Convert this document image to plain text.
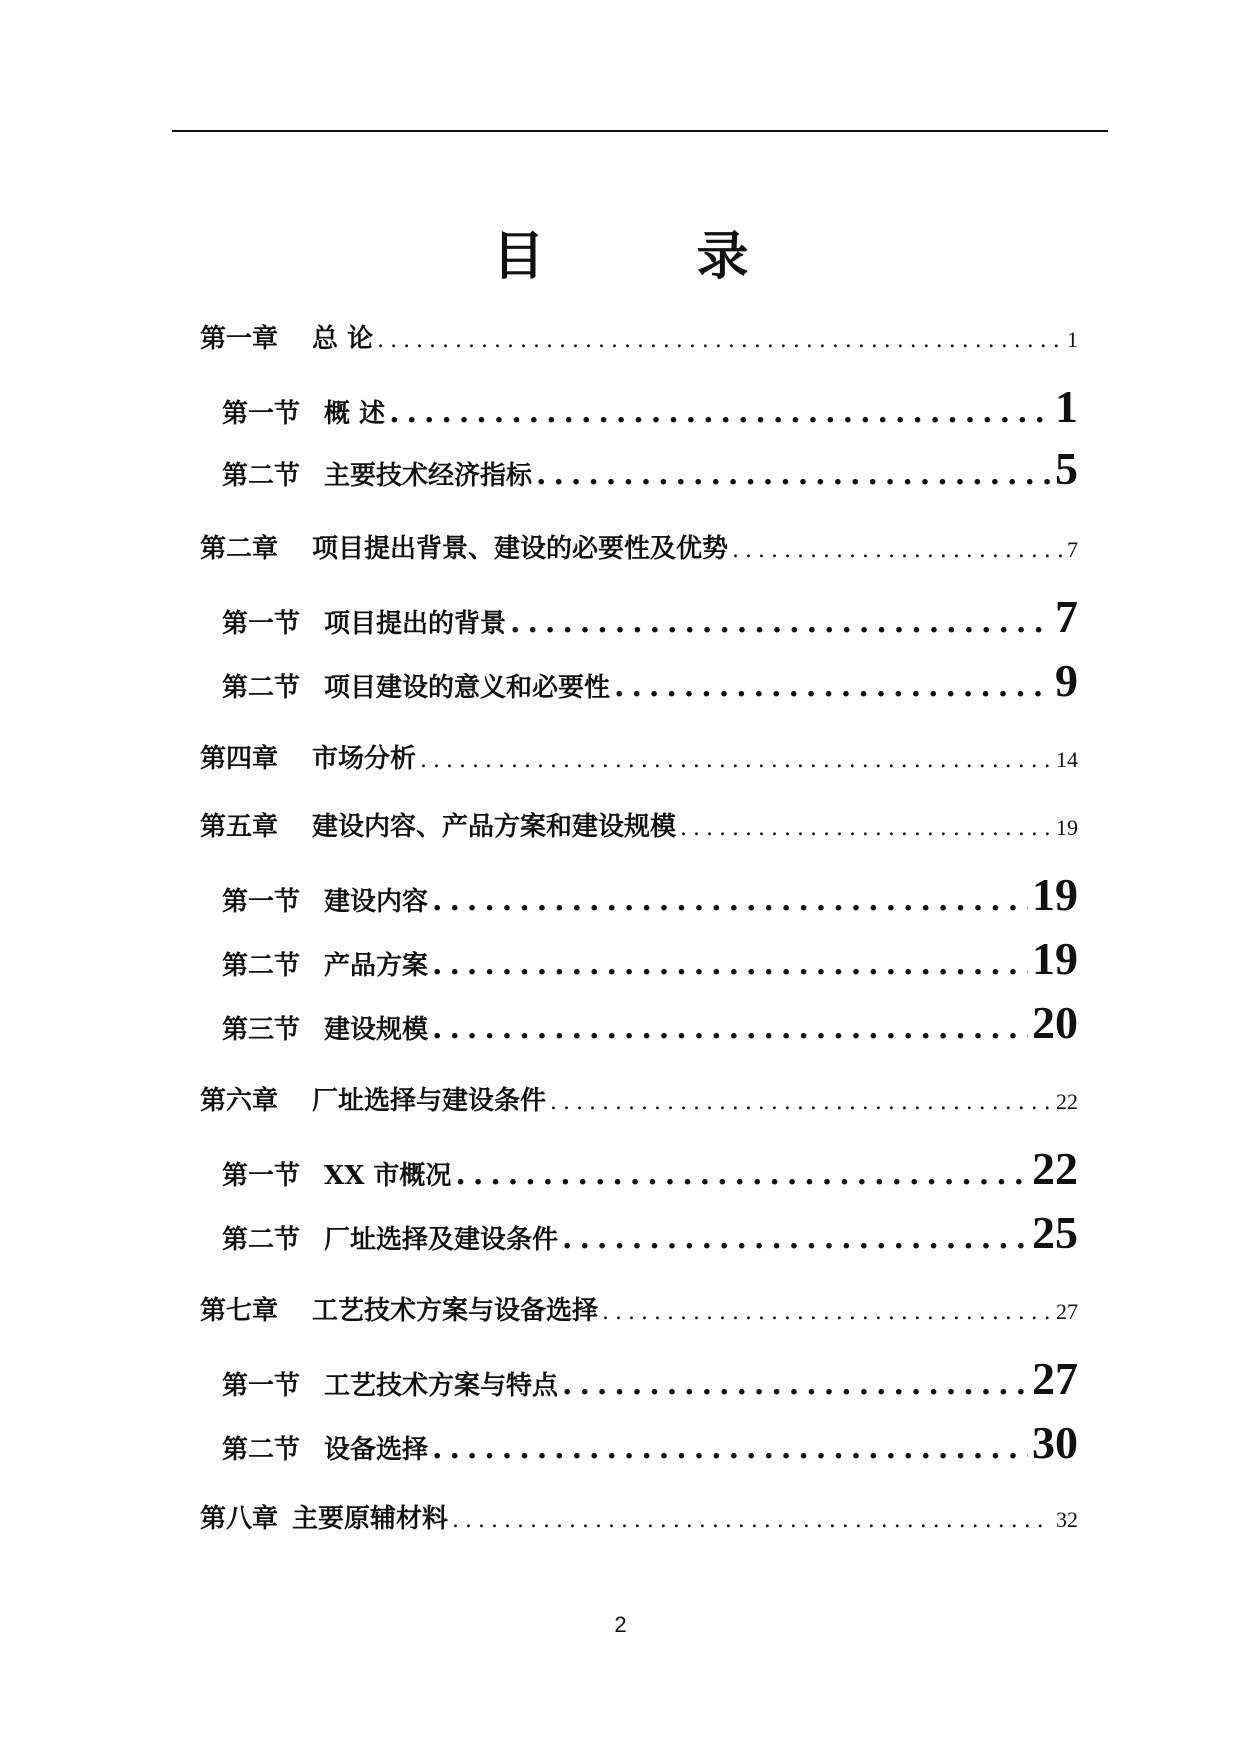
目　录
第一章 总 论 .....	1
第一节 概 述 .....	1
第二节 主要技术经济指标 .....	5
第二章 项目提出背景、建设的必要性及优势 .....	7
第一节 项目提出的背景 .....	7
第二节 项目建设的意义和必要性 .....	9
第四章 市场分析 .....	14
第五章 建设内容、产品方案和建设规模 .....	19
第一节 建设内容 .....	19
第二节 产品方案 .....	19
第三节 建设规模 .....	20
第六章 厂址选择与建设条件 .....	22
第一节 XX 市概况 .....	22
第二节 厂址选择及建设条件 .....	25
第七章 工艺技术方案与设备选择 .....	27
第一节 工艺技术方案与特点 .....	27
第二节 设备选择 .....	30
第八章 主要原辅材料 .....	32
2
